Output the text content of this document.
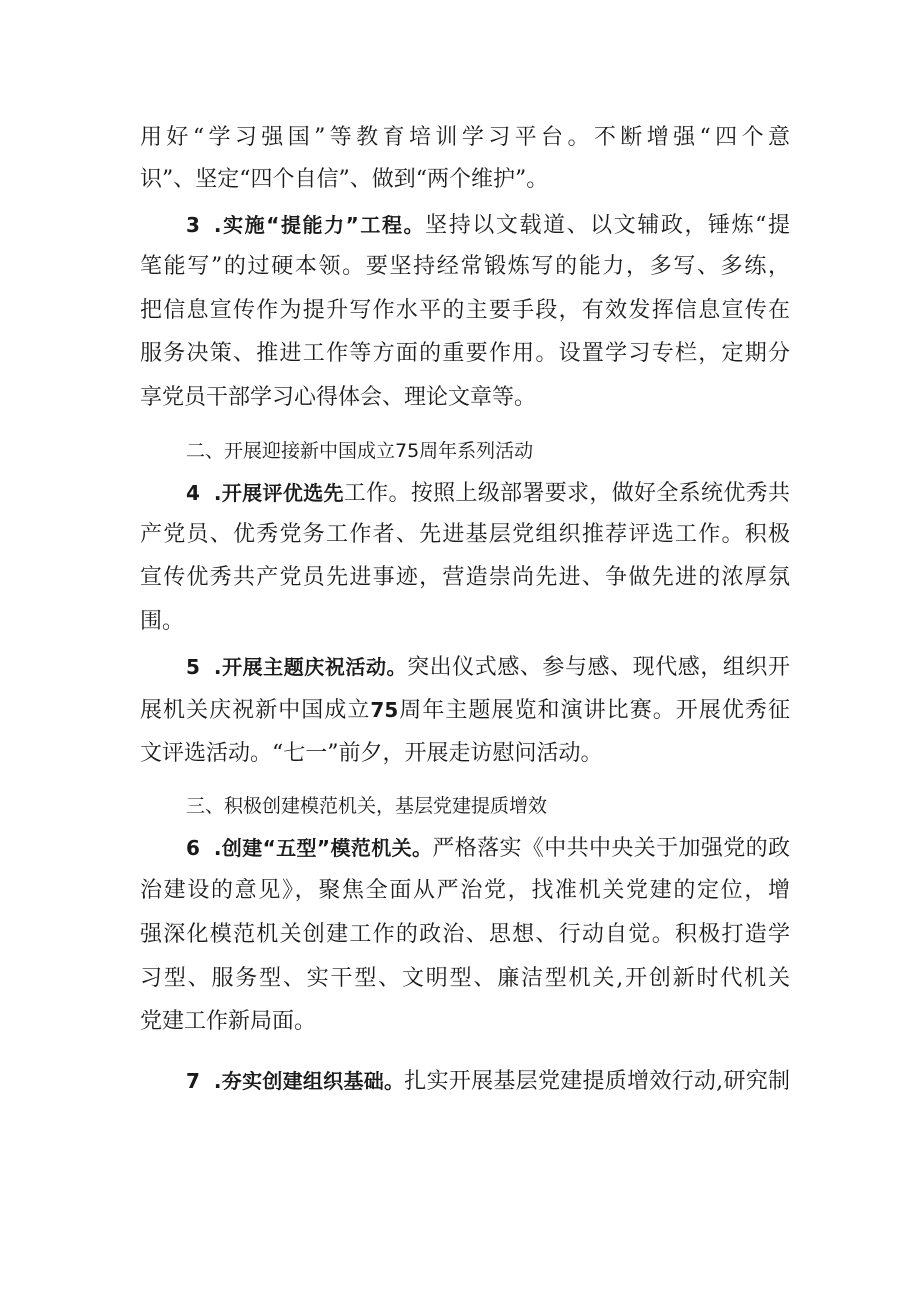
用好“学习强国”等教育培训学习平台。不断增强“四个意
识”、坚定“四个自信”、做到“两个维护”。
3 .实施“提能力”工程。坚持以文载道、以文辅政，锤炼“提
笔能写”的过硬本领。要坚持经常锻炼写的能力，多写、多练，
把信息宣传作为提升写作水平的主要手段，有效发挥信息宣传在
服务决策、推进工作等方面的重要作用。设置学习专栏，定期分
享党员干部学习心得体会、理论文章等。
二、开展迎接新中国成立75周年系列活动
4 .开展评优选先工作。按照上级部署要求，做好全系统优秀共
产党员、优秀党务工作者、先进基层党组织推荐评选工作。积极
宣传优秀共产党员先进事迹，营造崇尚先进、争做先进的浓厚氛
围。
5 .开展主题庆祝活动。突出仪式感、参与感、现代感，组织开
展机关庆祝新中国成立75周年主题展览和演讲比赛。开展优秀征
文评选活动。“七一”前夕，开展走访慰问活动。
三、积极创建模范机关，基层党建提质增效
6 .创建“五型”模范机关。严格落实《中共中央关于加强党的政
治建设的意见》，聚焦全面从严治党，找准机关党建的定位，增
强深化模范机关创建工作的政治、思想、行动自觉。积极打造学
习型、服务型、实干型、文明型、廉洁型机关,开创新时代机关
党建工作新局面。
7 .夯实创建组织基础。扎实开展基层党建提质增效行动,研究制
